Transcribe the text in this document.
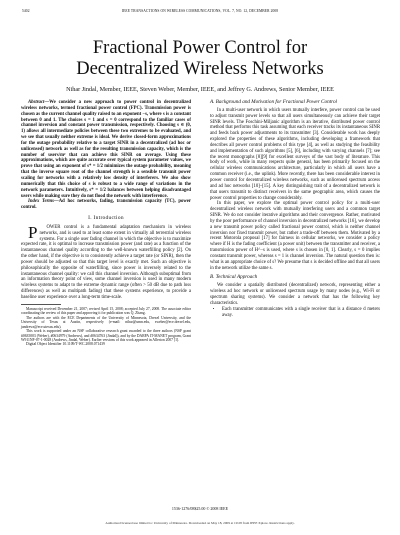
5402	IEEE TRANSACTIONS ON WIRELESS COMMUNICATIONS, VOL. 7, NO. 12, DECEMBER 2008
Fractional Power Control for
Decentralized Wireless Networks
Nihar Jindal, Member, IEEE, Steven Weber, Member, IEEE, and Jeffrey G. Andrews, Senior Member, IEEE

Abstract—We consider a new approach to power control in decentralized wireless networks, termed fractional power control (FPC). Transmission power is chosen as the current channel quality raised to an exponent −s, where s is a constant between 0 and 1. The choices s = 1 and s = 0 correspond to the familiar cases of channel inversion and constant power transmission, respectively. Choosing s ∈ (0, 1) allows all intermediate policies between these two extremes to be evaluated, and we see that usually neither extreme is ideal. We derive closed-form approximations for the outage probability relative to a target SINR in a decentralized (ad hoc or unlicensed) network as well as for the resulting transmission capacity, which is the number of users/m² that can achieve this SINR on average. Using these approximations, which are quite accurate over typical system parameter values, we prove that using an exponent of s* = 1/2 minimizes the outage probability, meaning that the inverse square root of the channel strength is a sensible transmit power scaling for networks with a relatively low density of interferers. We also show numerically that this choice of s is robust to a wide range of variations in the network parameters. Intuitively, s* = 1/2 balances between helping disadvantaged users while making sure they do not flood the network with interference.

Index Terms—Ad hoc networks, fading, transmission capacity (TC), power control.

I. Introduction

P OWER control is a fundamental adaptation mechanism in wireless networks, and is used to at least some extent in virtually all terrestrial wireless systems. For a single user fading channel in which the objective is to maximize expected rate, it is optimal to increase transmission power (and rate) as a function of the instantaneous channel quality according to the well-known waterfilling policy [2]. On the other hand, if the objective is to consistently achieve a target rate (or SINR), then the power should be adjusted so that this target level is exactly met. Such an objective is philosophically the opposite of waterfilling, since power is inversely related to the instantaneous channel quality: we call this channel inversion. Although suboptimal from an information theory point of view, some channel inversion is used in many modern wireless systems to adapt to the extreme dynamic range (often > 50 dB due to path loss differences) as well as multipath fading) that these systems experience, to provide a baseline user experience over a long-term time-scale.

Manuscript received December 21, 2007; revised April 15, 2008; accepted July 27, 2008. The associate editor coordinating the review of this paper and approving it for publication was Q. Zhang.

The authors are with the ECE Departments of the University of Minnesota, Drexel University, and the University of Texas at Austin, respectively (e-mail: nihar@umn.edu, sweber@ece.drexel.edu, jandrews@ece.utexas.edu).

This work is supported under an NSF collaborative research grant awarded to the three authors (NSF grant #0635003 (Weber), #0634979 (Andrews), and #0634763 (Jindal)), and by the DARPA IT-MANET program, Grant W911NF-07-1-0028 (Andrews, Jindal, Weber). Earlier versions of this work appeared in Allerton 2007 [1].

Digital Object Identifier 10.1109/T-WC.2008.071439

A. Background and Motivation for Fractional Power Control

In a multi-user network in which users mutually interfere, power control can be used to adjust transmit power levels so that all users simultaneously can achieve their target SINR levels. The Foschini-Miljanic algorithm is an iterative, distributed power control method that performs this task assuming that each receiver tracks its instantaneous SINR and feeds back power adjustments to its transmitter [3]. Considerable work has deeply explored the properties of these algorithms, including developing a framework that describes all power control problems of this type [4], as well as studying the feasibility and implementation of such algorithms [5], [6], including with varying channels [7]; see the recent monographs [8][9] for excellent surveys of the vast body of literature. This body of work, while in many respects quite general, has been primarily focused on the cellular wireless communications architecture, particularly in which all users have a common receiver (i.e., the uplink). More recently, there has been considerable interest in power control for decentralized wireless networks, such as unlicensed spectrum access and ad hoc networks [10]–[15]. A key distinguishing trait of a decentralized network is that users transmit to distinct receivers in the same geographic area, which causes the power control properties to change considerably.

In this paper, we explore the optimal power control policy for a multi-user decentralized wireless network with mutually interfering users and a common target SINR. We do not consider iterative algorithms and their convergence. Rather, motivated by the poor performance of channel inversion in decentralized networks [16], we develop a new transmit power policy called fractional power control, which is neither channel inversion nor fixed transmit power, but rather a trade-off between them. Motivated by a recent Motorola proposal [17] for fairness in cellular networks, we consider a policy where if H is the fading coefficient (a power unit) between the transmitter and receiver, a transmission power of H^−s is used, where s is chosen in [0, 1]. Clearly, s = 0 implies constant transmit power, whereas s = 1 is channel inversion. The natural question then is: what is an appropriate choice of s? We presume that s is decided offline and that all users in the network utilize the same s.

B. Technical Approach

We consider a spatially distributed (decentralized) network, representing either a wireless ad hoc network or unlicensed spectrum usage by many nodes (e.g., Wi-Fi or spectrum sharing systems). We consider a network that has the following key characteristics.

• Each transmitter communicates with a single receiver that is a distance d meters away.
1536-1276/08$25.00 © 2008 IEEE
Authorized licensed use limited to: University of Minnesota. Downloaded on May 18, 2009 at 19:28 from IEEE Xplore. Restrictions apply.
